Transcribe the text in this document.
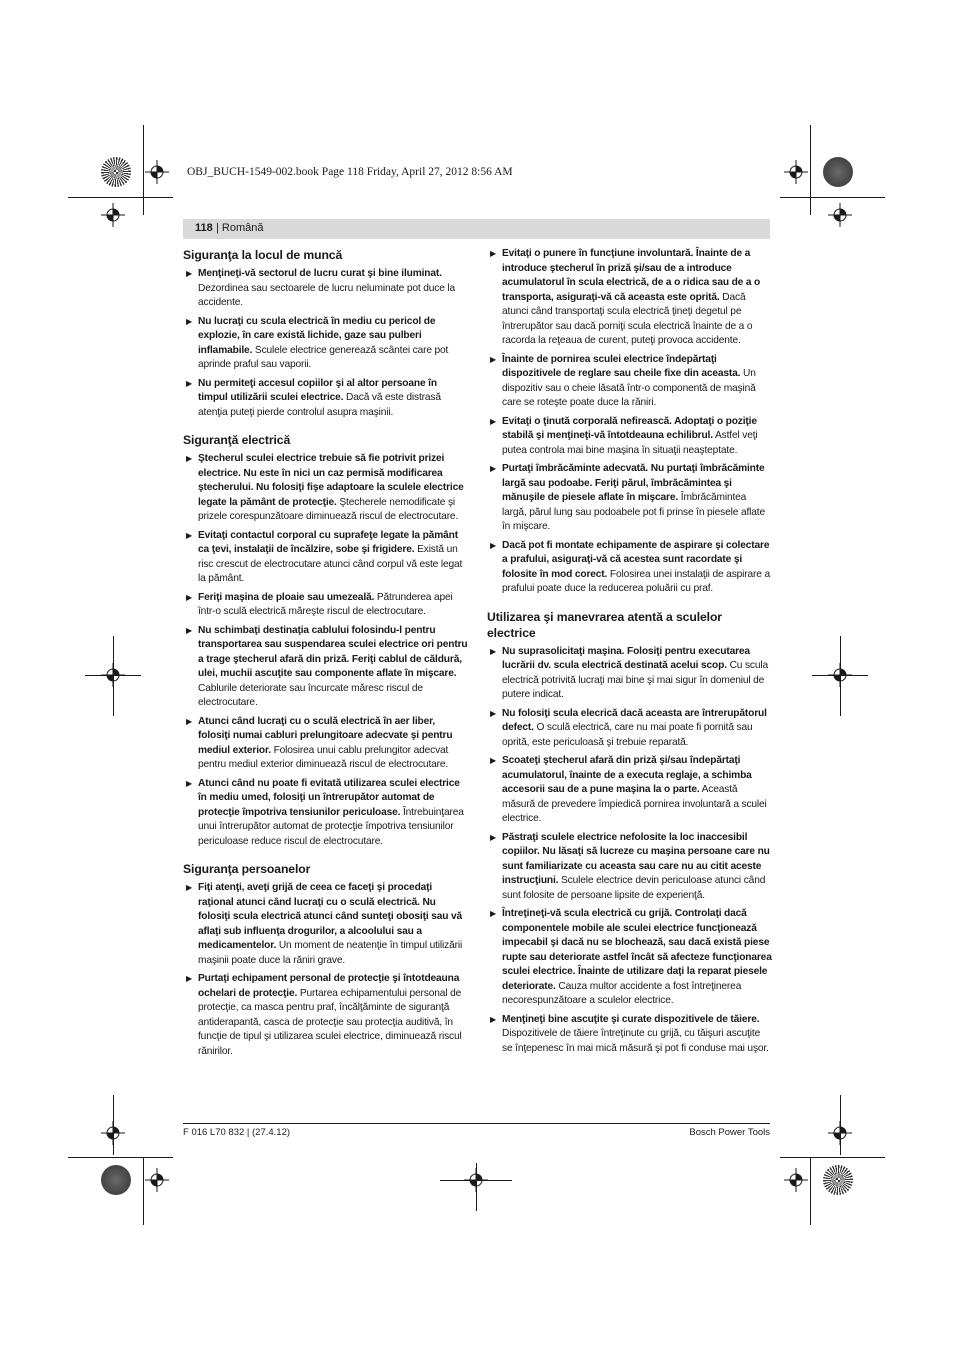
OBJ_BUCH-1549-002.book Page 118 Friday, April 27, 2012 8:56 AM
118
| Română
Siguranţa la locul de muncă
▶ Menţineţi-vă sectorul de lucru curat şi bine iluminat. Dezordinea sau sectoarele de lucru neluminate pot duce la accidente.
▶ Nu lucraţi cu scula electrică în mediu cu pericol de explozie, în care există lichide, gaze sau pulberi inflamabile. Sculele electrice generează scântei care pot aprinde praful sau vaporii.
▶ Nu permiteţi accesul copiilor şi al altor persoane în timpul utilizării sculei electrice. Dacă vă este distrasă atenţia puteţi pierde controlul asupra maşinii.
Siguranţă electrică
▶ Ştecherul sculei electrice trebuie să fie potrivit prizei electrice. Nu este în nici un caz permisă modificarea ştecherului. Nu folosiţi fişe adaptoare la sculele electrice legate la pământ de protecţie. Ştecherele nemodificate şi prizele corespunzătoare diminuează riscul de electrocutare.
▶ Evitaţi contactul corporal cu suprafeţe legate la pământ ca ţevi, instalaţii de încălzire, sobe şi frigidere. Există un risc crescut de electrocutare atunci când corpul vă este legat la pământ.
▶ Feriţi maşina de ploaie sau umezeală. Pătrunderea apei într-o sculă electrică măreşte riscul de electrocutare.
▶ Nu schimbaţi destinaţia cablului folosindu-l pentru transportarea sau suspendarea sculei electrice ori pentru a trage ştecherul afară din priză. Feriţi cablul de căldură, ulei, muchii ascuţite sau componente aflate în mişcare. Cablurile deteriorate sau încurcate măresc riscul de electrocutare.
▶ Atunci când lucraţi cu o sculă electrică în aer liber, folosiţi numai cabluri prelungitoare adecvate şi pentru mediul exterior. Folosirea unui cablu prelungitor adecvat pentru mediul exterior diminuează riscul de electrocutare.
▶ Atunci când nu poate fi evitată utilizarea sculei electrice în mediu umed, folosiţi un întrerupător automat de protecţie împotriva tensiunilor periculoase. Întrebuinţarea unui întrerupător automat de protecţie împotriva tensiunilor periculoase reduce riscul de electrocutare.
Siguranţa persoanelor
▶ Fiţi atenţi, aveţi grijă de ceea ce faceţi şi procedaţi raţional atunci când lucraţi cu o sculă electrică. Nu folosiţi scula electrică atunci când sunteţi obosiţi sau vă aflaţi sub influenţa drogurilor, a alcoolului sau a medicamentelor. Un moment de neatenţie în timpul utilizării maşinii poate duce la răniri grave.
▶ Purtaţi echipament personal de protecţie şi întotdeauna ochelari de protecţie. Purtarea echipamentului personal de protecţie, ca masca pentru praf, încălţăminte de siguranţă antiderapantă, casca de protecţie sau protecţia auditivă, în funcţie de tipul şi utilizarea sculei electrice, diminuează riscul rănirilor.
▶ Evitaţi o punere în funcţiune involuntară. Înainte de a introduce ştecherul în priză şi/sau de a introduce acumulatorul în scula electrică, de a o ridica sau de a o transporta, asiguraţi-vă că aceasta este oprită. Dacă atunci când transportaţi scula electrică ţineţi degetul pe întrerupător sau dacă porniţi scula electrică înainte de a o racorda la reţeaua de curent, puteţi provoca accidente.
▶ Înainte de pornirea sculei electrice îndepărtaţi dispozitivele de reglare sau cheile fixe din aceasta. Un dispozitiv sau o cheie lăsată într-o componentă de maşină care se roteşte poate duce la răniri.
▶ Evitaţi o ţinută corporală nefirească. Adoptaţi o poziţie stabilă şi menţineţi-vă întotdeauna echilibrul. Astfel veţi putea controla mai bine maşina în situaţii neaşteptate.
▶ Purtaţi îmbrăcăminte adecvată. Nu purtaţi îmbrăcăminte largă sau podoabe. Feriţi părul, îmbrăcămintea şi mănuşile de piesele aflate în mişcare. Îmbrăcămintea largă, părul lung sau podoabele pot fi prinse în piesele aflate în mişcare.
▶ Dacă pot fi montate echipamente de aspirare şi colectare a prafului, asiguraţi-vă că acestea sunt racordate şi folosite în mod corect. Folosirea unei instalaţii de aspirare a prafului poate duce la reducerea poluării cu praf.
Utilizarea şi manevrarea atentă a sculelor electrice
▶ Nu suprasolicitaţi maşina. Folosiţi pentru executarea lucrării dv. scula electrică destinată acelui scop. Cu scula electrică potrivită lucraţi mai bine şi mai sigur în domeniul de putere indicat.
▶ Nu folosiţi scula elecrică dacă aceasta are întrerupătorul defect. O sculă electrică, care nu mai poate fi pornită sau oprită, este periculoasă şi trebuie reparată.
▶ Scoateţi ştecherul afară din priză şi/sau îndepărtaţi acumulatorul, înainte de a executa reglaje, a schimba accesorii sau de a pune maşina la o parte. Această măsură de prevedere împiedică pornirea involuntară a sculei electrice.
▶ Păstraţi sculele electrice nefolosite la loc inaccesibil copiilor. Nu lăsaţi să lucreze cu maşina persoane care nu sunt familiarizate cu aceasta sau care nu au citit aceste instrucţiuni. Sculele electrice devin periculoase atunci când sunt folosite de persoane lipsite de experienţă.
▶ Întreţineţi-vă scula electrică cu grijă. Controlaţi dacă componentele mobile ale sculei electrice funcţionează impecabil şi dacă nu se blochează, sau dacă există piese rupte sau deteriorate astfel încât să afecteze funcţionarea sculei electrice. Înainte de utilizare daţi la reparat piesele deteriorate. Cauza multor accidente a fost întreţinerea necorespunzătoare a sculelor electrice.
▶ Menţineţi bine ascuţite şi curate dispozitivele de tăiere. Dispozitivele de tăiere întreţinute cu grijă, cu tăişuri ascuţite se înţepenesc în mai mică măsură şi pot fi conduse mai uşor.
F 016 L70 832 | (27.4.12)	Bosch Power Tools
